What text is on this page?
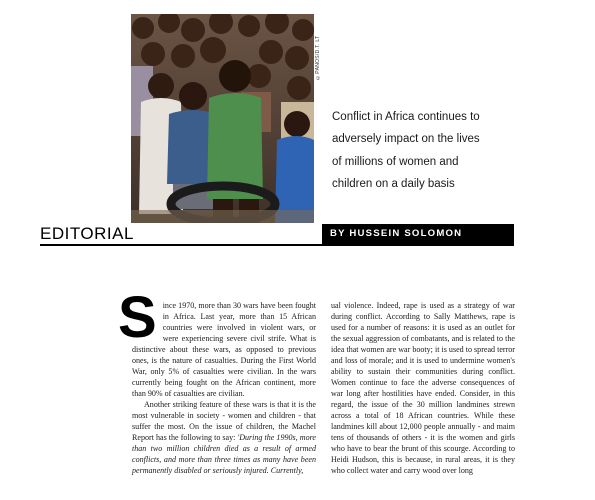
©PANOS/D.T. LT
Conflict in Africa continues to
adversely impact on the lives
of millions of women and
children on a daily basis
EDITORIAL	BY HUSSEIN SOLOMON

Since 1970, more than 30 wars have been fought in Africa. Last year, more than 15 African countries were involved in violent wars, or were experiencing severe civil strife. What is distinctive about these wars, as opposed to previous ones, is the nature of casualties. During the First World War, only 5% of casualties were civilian. In the wars currently being fought on the African continent, more than 90% of casualties are civilian.

Another striking feature of these wars is that it is the most vulnerable in society - women and children - that suffer the most. On the issue of children, the Machel Report has the following to say: 'During the 1990s, more than two million children died as a result of armed conflicts, and more than three times as many have been permanently disabled or seriously injured. Currently,

ual violence. Indeed, rape is used as a strategy of war during conflict. According to Sally Matthews, rape is used for a number of reasons: it is used as an outlet for the sexual aggression of combatants, and is related to the idea that women are war booty; it is used to spread terror and loss of morale; and it is used to undermine women's ability to sustain their communities during conflict. Women continue to face the adverse consequences of war long after hostilities have ended. Consider, in this regard, the issue of the 30 million landmines strewn across a total of 18 African countries. While these landmines kill about 12,000 people annually - and maim tens of thousands of others - it is the women and girls who have to bear the brunt of this scourge. According to Heidi Hudson, this is because, in rural areas, it is they who collect water and carry wood over long
